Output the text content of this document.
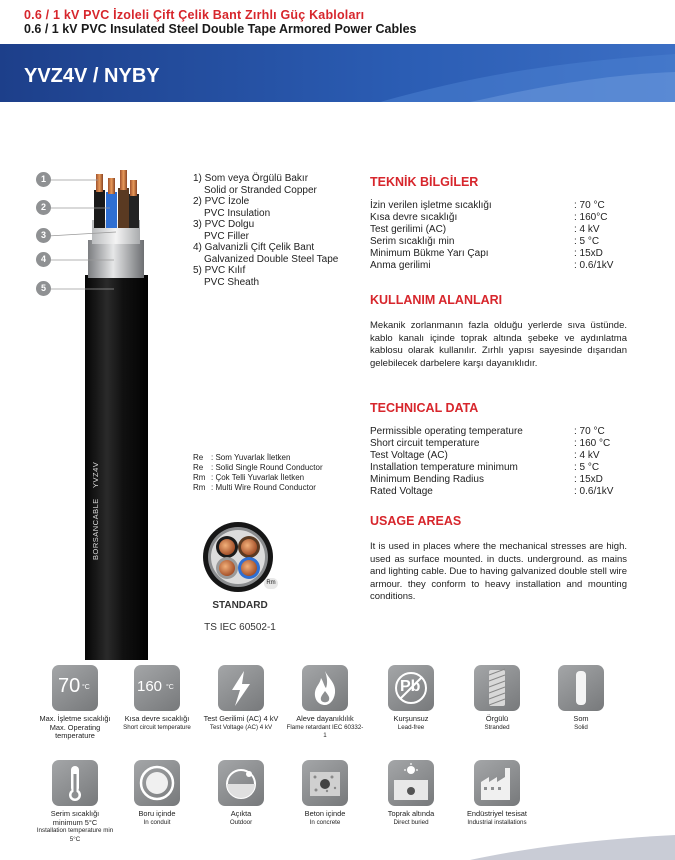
0.6 / 1 kV PVC İzoleli Çift Çelik Bant Zırhlı Güç Kabloları
0.6 / 1 kV PVC Insulated Steel Double Tape Armored Power Cables
YVZ4V / NYBY
1
2
3
4
5
BORSANCABLE
YVZ4V
1) Som veya Örgülü Bakır
Solid or Stranded Copper
2) PVC İzole
PVC Insulation
3) PVC Dolgu
PVC Filler
4) Galvanizli Çift Çelik Bant
Galvanized Double Steel Tape
5) PVC Kılıf
PVC Sheath
Re : Som Yuvarlak İletken
Re : Solid Single Round Conductor
Rm : Çok Telli Yuvarlak İletken
Rm : Multi Wire Round Conductor
Rm
STANDARD
TS IEC 60502-1
TEKNİK BİLGİLER
İzin verilen işletme sıcaklığı	: 70 °C
Kısa devre sıcaklığı	: 160°C
Test gerilimi (AC)	: 4 kV
Serim sıcaklığı min	: 5 °C
Minimum Bükme Yarı Çapı	: 15xD
Anma gerilimi	: 0.6/1kV
KULLANIM ALANLARI
Mekanik zorlanmanın fazla olduğu yerlerde sıva üstünde. kablo kanalı içinde toprak altında şebeke ve aydınlatma kablosu olarak kullanılır. Zırhlı yapısı sayesinde dışarıdan gelebilecek darbelere karşı dayanıklıdır.
TECHNICAL DATA
Permissible operating temperature	: 70 °C
Short circuit temperature	: 160 °C
Test Voltage (AC)	: 4 kV
Installation temperature minimum	: 5 °C
Minimum Bending Radius	: 15xD
Rated Voltage	: 0.6/1kV
USAGE AREAS
It is used in places where the mechanical stresses are high. used as surface mounted. in ducts. underground. as mains and lighting cable. Due to having galvanized double stell wire armour. they conform to heavy installation and mounting conditions.
70 °C
Max. İşletme sıcaklığı
Max. Operating temperature
160 °C
Kısa devre sıcaklığı
Short circuit temperature
Test Gerilimi (AC) 4 kV
Test Voltage (AC) 4 kV
Aleve dayanıklılık
Flame retardant IEC 60332-1
Pb
Kurşunsuz
Lead-free
Örgülü
Stranded
Som
Solid
Serim sıcaklığı minimum 5°C
Installation temperature min 5°C
Boru içinde
In conduit
Açıkta
Outdoor
Beton içinde
In concrete
Toprak altında
Direct buried
Endüstriyel tesisat
Industrial installations
